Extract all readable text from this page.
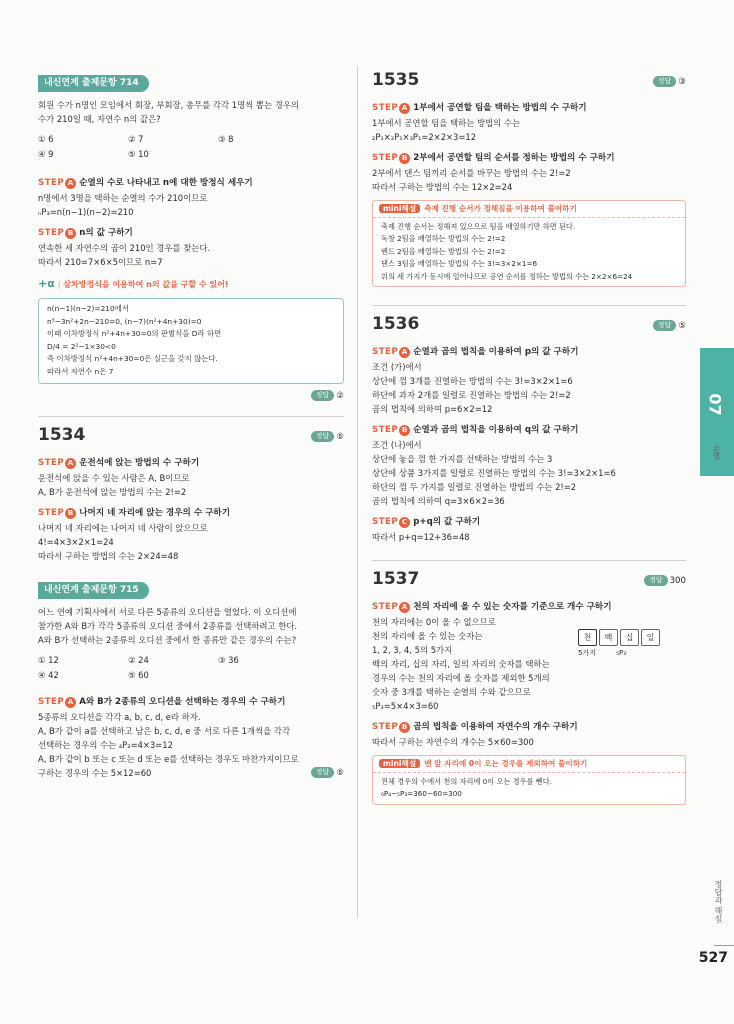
내신연계 출제문항 714
회원 수가 n명인 모임에서 회장, 부회장, 총무를 각각 1명씩 뽑는 경우의
수가 210일 때, 자연수 n의 값은?
① 6	② 7	③ 8
④ 9	⑤ 10
STEP A 순열의 수로 나타내고 n에 대한 방정식 세우기
n명에서 3명을 택하는 순열의 수가 210이므로
ₙP₃=n(n−1)(n−2)=210
STEP B n의 값 구하기
연속한 세 자연수의 곱이 210인 경우를 찾는다.
따라서 210=7×6×5이므로 n=7
+α | 삼차방정식을 이용하여 n의 값을 구할 수 있어!
n(n−1)(n−2)=210에서
n³−3n²+2n−210=0, (n−7)(n²+4n+30)=0
이때 이차방정식 n²+4n+30=0의 판별식을 D라 하면
D/4 = 2²−1×30<0
즉 이차방정식 n²+4n+30=0은 실근을 갖지 않는다.
따라서 자연수 n은 7
정답 ②
1534	정답 ⑤
STEP A 운전석에 앉는 방법의 수 구하기
운전석에 앉을 수 있는 사람은 A, B이므로
A, B가 운전석에 앉는 방법의 수는 2!=2
STEP B 나머지 네 자리에 앉는 경우의 수 구하기
나머지 네 자리에는 나머지 네 사람이 앉으므로
4!=4×3×2×1=24
따라서 구하는 방법의 수는 2×24=48
내신연계 출제문항 715
어느 연예 기획사에서 서로 다른 5종류의 오디션을 열었다. 이 오디션에
참가한 A와 B가 각각 5종류의 오디션 중에서 2종류를 선택하려고 한다.
A와 B가 선택하는 2종류의 오디션 중에서 한 종류만 같은 경우의 수는?
① 12	② 24	③ 36
④ 42	⑤ 60
STEP A A와 B가 2종류의 오디션을 선택하는 경우의 수 구하기
5종류의 오디션을 각각 a, b, c, d, e라 하자.
A, B가 같이 a를 선택하고 남은 b, c, d, e 중 서로 다른 1개씩을 각각
선택하는 경우의 수는 ₄P₂=4×3=12
A, B가 같이 b 또는 c 또는 d 또는 e를 선택하는 경우도 마찬가지이므로
구하는 경우의 수는 5×12=60	정답 ⑤
1535	정답 ③
STEP A 1부에서 공연할 팀을 택하는 방법의 수 구하기
1부에서 공연할 팀을 택하는 방법의 수는
₂P₁×₂P₁×₃P₁=2×2×3=12
STEP B 2부에서 공연할 팀의 순서를 정하는 방법의 수 구하기
2부에서 댄스 팀끼리 순서를 바꾸는 방법의 수는 2!=2
따라서 구하는 방법의 수는 12×2=24
mini해설 축제 진행 순서가 정해짐을 이용하여 풀이하기
축제 진행 순서는 정해져 있으므로 팀을 배열하기만 하면 된다.
독창 2팀을 배열하는 방법의 수는 2!=2
밴드 2팀을 배열하는 방법의 수는 2!=2
댄스 3팀을 배열하는 방법의 수는 3!=3×2×1=6
위의 세 가지가 동시에 일어나므로 공연 순서를 정하는 방법의 수는 2×2×6=24
1536	정답 ⑤
STEP A 순열과 곱의 법칙을 이용하여 p의 값 구하기
조건 (가)에서
상단에 껌 3개를 진열하는 방법의 수는 3!=3×2×1=6
하단에 과자 2개를 일렬로 진열하는 방법의 수는 2!=2
곱의 법칙에 의하여 p=6×2=12
STEP B 순열과 곱의 법칙을 이용하여 q의 값 구하기
조건 (나)에서
상단에 놓을 껌 한 가지를 선택하는 방법의 수는 3
상단에 상품 3가지를 일렬로 진열하는 방법의 수는 3!=3×2×1=6
하단의 껌 두 가지를 일렬로 진열하는 방법의 수는 2!=2
곱의 법칙에 의하여 q=3×6×2=36
STEP C p+q의 값 구하기
따라서 p+q=12+36=48
1537	정답 300
STEP A 천의 자리에 올 수 있는 숫자를 기준으로 개수 구하기
천의 자리에는 0이 올 수 없으므로
천의 자리에 올 수 있는 숫자는
1, 2, 3, 4, 5의 5가지
백의 자리, 십의 자리, 일의 자리의 숫자를 택하는
경우의 수는 천의 자리에 올 숫자를 제외한 5개의
숫자 중 3개를 택하는 순열의 수와 같으므로
₅P₃=5×4×3=60
천	백	십	일
5가지	₅P₃
STEP B 곱의 법칙을 이용하여 자연수의 개수 구하기
따라서 구하는 자연수의 개수는 5×60=300
mini해설 맨 앞 자리에 0이 오는 경우를 제외하여 풀이하기
전체 경우의 수에서 천의 자리에 0이 오는 경우를 뺀다.
₆P₄−₅P₃=360−60=300
07
순열
정답과 해설
527
